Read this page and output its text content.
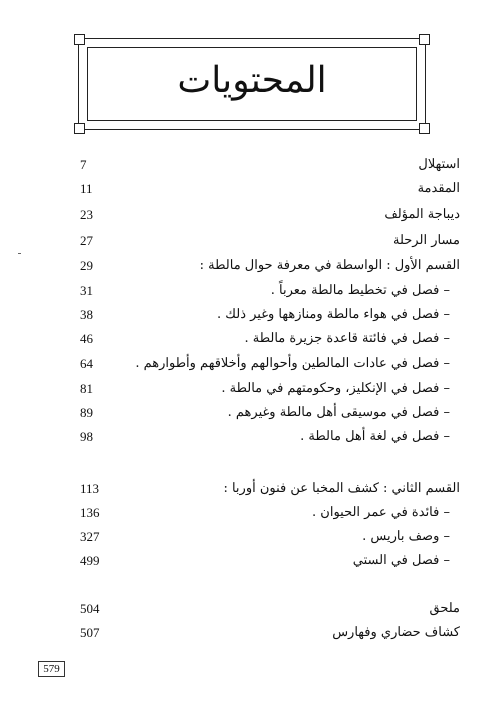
المحتويات
استهلال
7
المقدمة
11
ديباجة المؤلف
23
مسار الرحلة
27
القسم الأول : الواسطة في معرفة حوال مالطة :
29
– فصل في تخطيط مالطة معرباً .
31
– فصل في هواء مالطة ومنازهها وغير ذلك .
38
– فصل في فائتة قاعدة جزيرة مالطة .
46
– فصل في عادات المالطين وأحوالهم وأخلاقهم وأطوارهم .
64
– فصل في الإنكليز، وحكومتهم في مالطة .
81
– فصل في موسيقى أهل مالطة وغيرهم .
89
– فصل في لغة أهل مالطة .
98
القسم الثاني : كشف المخبا عن فنون أوربا :
113
– فائدة في عمر الحيوان .
136
– وصف باريس .
327
– فصل في الستي
499
ملحق
504
كشاف حضاري وفهارس
507
579
